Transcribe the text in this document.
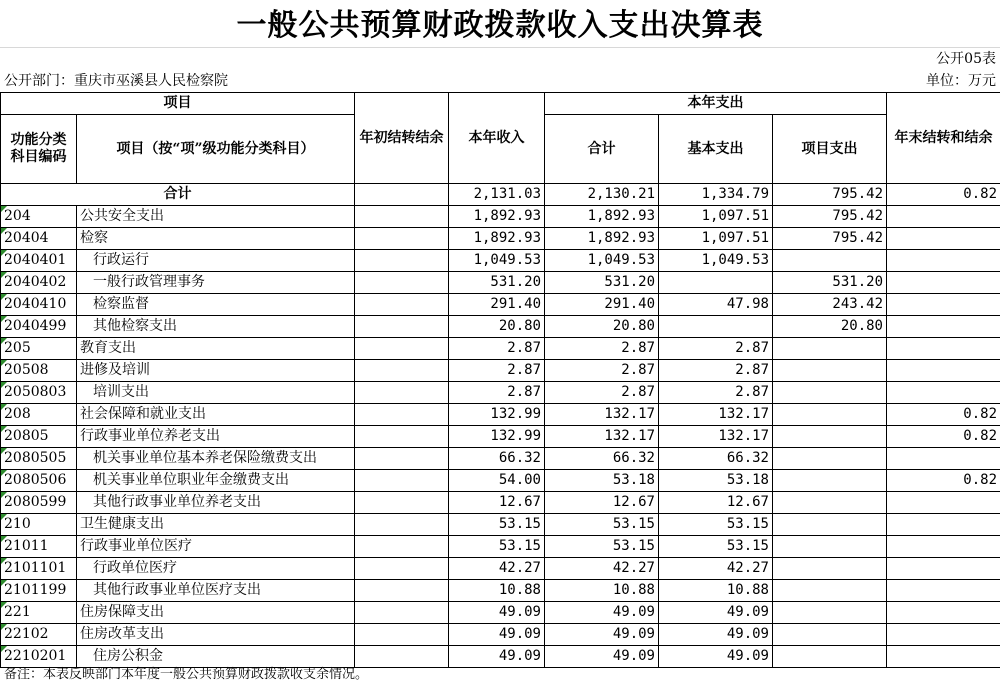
一般公共预算财政拨款收入支出决算表
公开05表
公开部门：重庆市巫溪县人民检察院	单位：万元
项目		年初结转结余	本年收入	本年支出			年末结转和结余
功能分类科目编码	项目（按“项”级功能分类科目）			合计	基本支出	项目支出	
合计			2,131.03	2,130.21	1,334.79	795.42	0.82
204	公共安全支出		1,892.93	1,892.93	1,097.51	795.42	
20404	检察		1,892.93	1,892.93	1,097.51	795.42	
2040401	行政运行		1,049.53	1,049.53	1,049.53		
2040402	一般行政管理事务		531.20	531.20		531.20	
2040410	检察监督		291.40	291.40	47.98	243.42	
2040499	其他检察支出		20.80	20.80		20.80	
205	教育支出		2.87	2.87	2.87		
20508	进修及培训		2.87	2.87	2.87		
2050803	培训支出		2.87	2.87	2.87		
208	社会保障和就业支出		132.99	132.17	132.17		0.82
20805	行政事业单位养老支出		132.99	132.17	132.17		0.82
2080505	机关事业单位基本养老保险缴费支出		66.32	66.32	66.32		
2080506	机关事业单位职业年金缴费支出		54.00	53.18	53.18		0.82
2080599	其他行政事业单位养老支出		12.67	12.67	12.67		
210	卫生健康支出		53.15	53.15	53.15		
21011	行政事业单位医疗		53.15	53.15	53.15		
2101101	行政单位医疗		42.27	42.27	42.27		
2101199	其他行政事业单位医疗支出		10.88	10.88	10.88		
221	住房保障支出		49.09	49.09	49.09		
22102	住房改革支出		49.09	49.09	49.09		
2210201	住房公积金		49.09	49.09	49.09		
备注：本表反映部门本年度一般公共预算财政拨款收支余情况。
